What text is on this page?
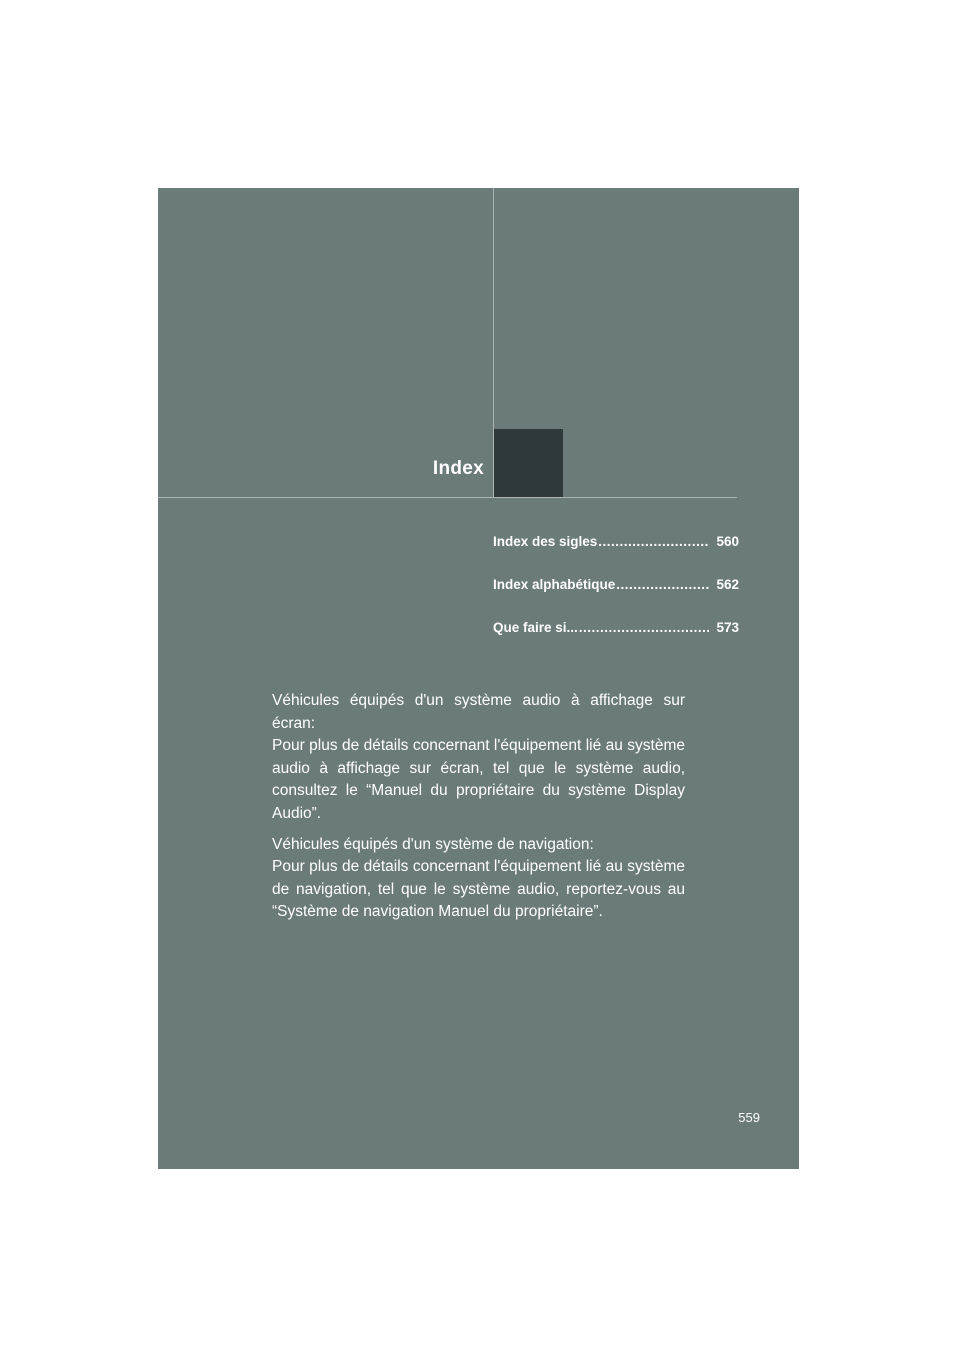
Index
Index des sigles .....	560
Index alphabétique .....	562
Que faire si... .....	573

Véhicules équipés d'un système audio à affichage sur écran:
Pour plus de détails concernant l'équipement lié au système audio à affichage sur écran, tel que le système audio, consultez le “Manuel du propriétaire du système Display Audio”.

Véhicules équipés d'un système de navigation:
Pour plus de détails concernant l'équipement lié au système de navigation, tel que le système audio, reportez-vous au “Système de navigation Manuel du propriétaire”.

559
